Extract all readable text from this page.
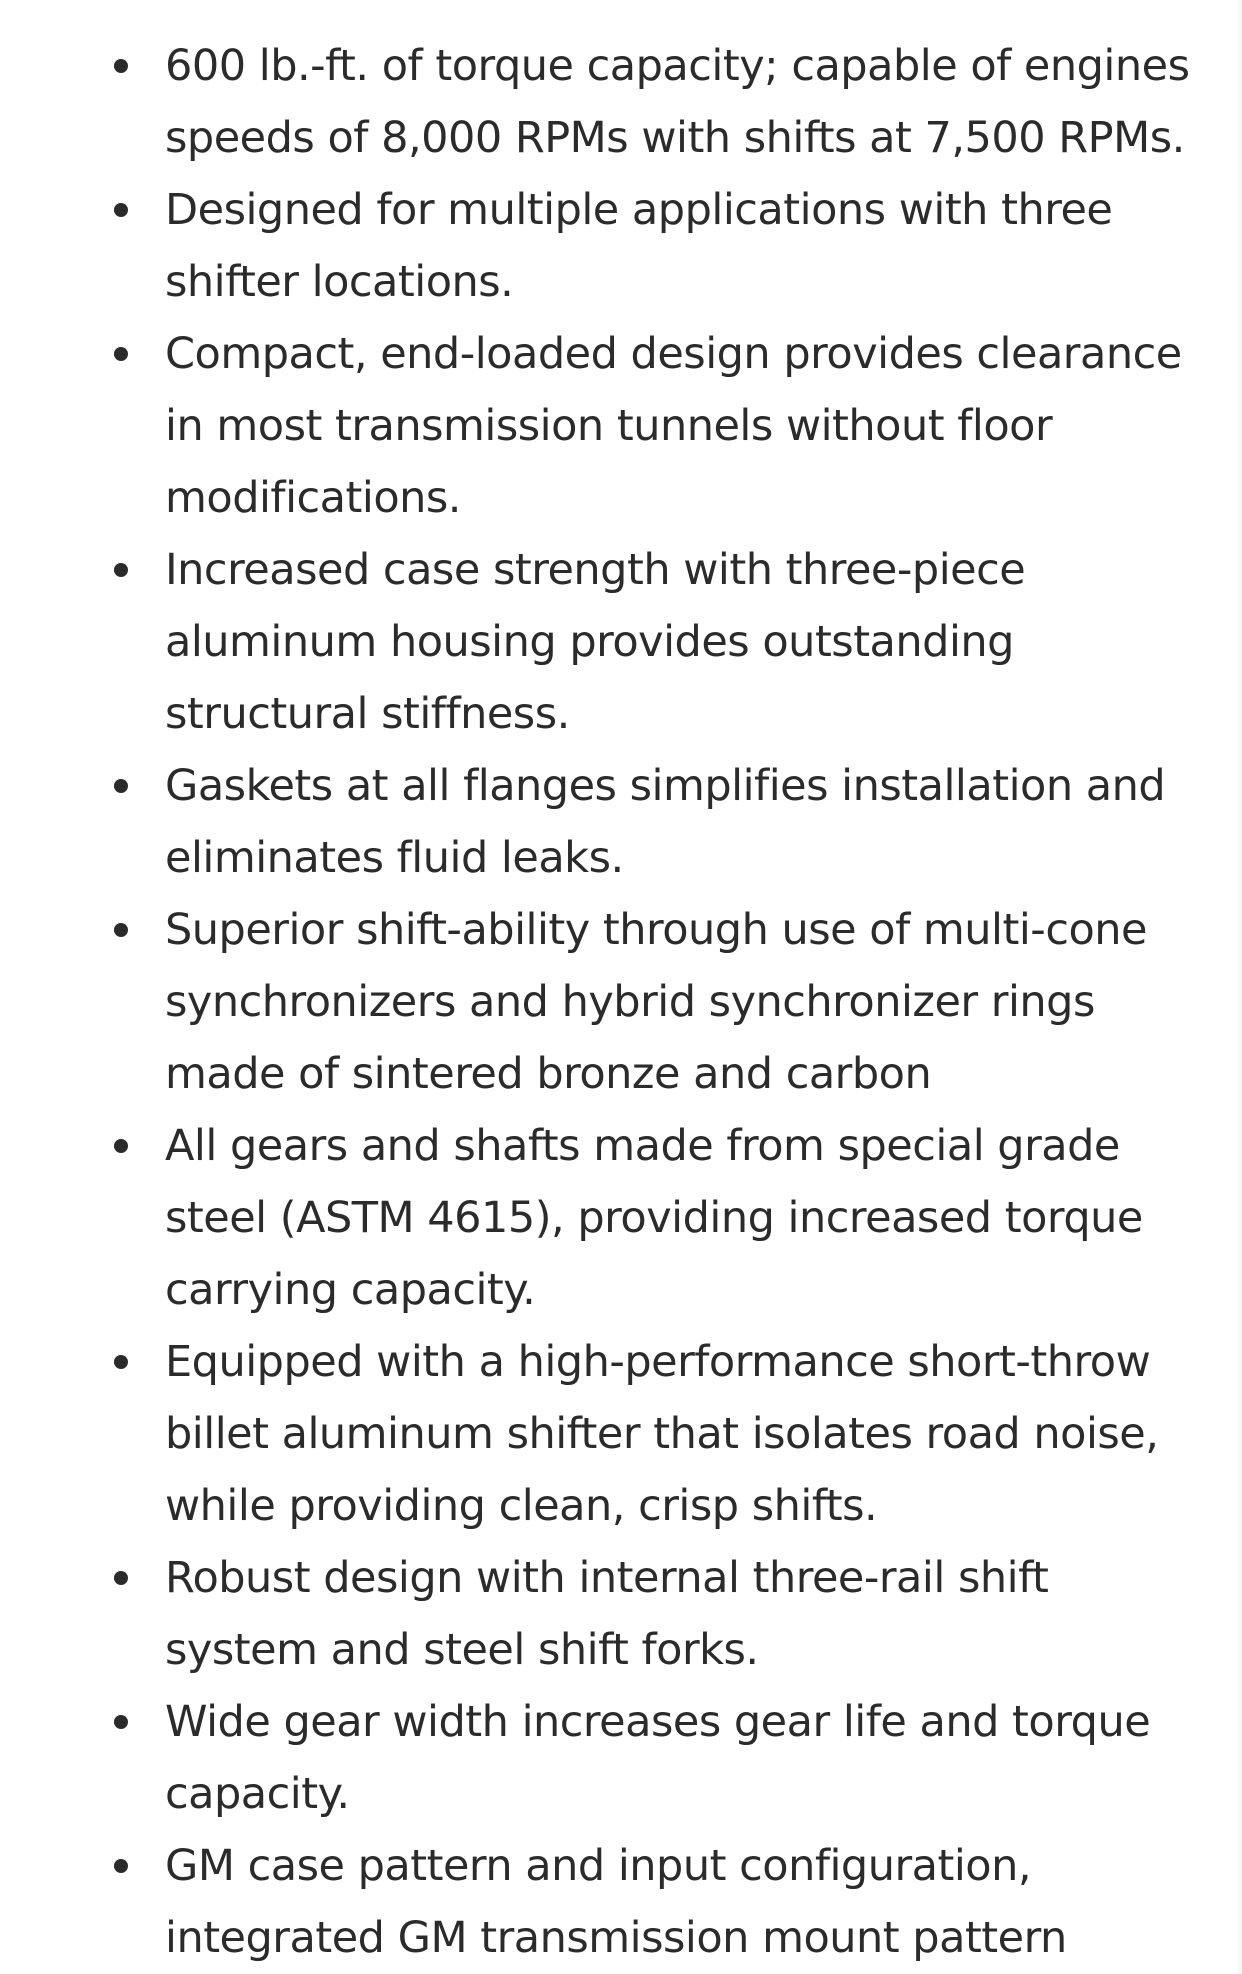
600 lb.-ft. of torque capacity; capable of engines speeds of 8,000 RPMs with shifts at 7,500 RPMs.
Designed for multiple applications with three shifter locations.
Compact, end-loaded design provides clearance in most transmission tunnels without floor modifications.
Increased case strength with three-piece aluminum housing provides outstanding structural stiffness.
Gaskets at all flanges simplifies installation and eliminates fluid leaks.
Superior shift-ability through use of multi-cone synchronizers and hybrid synchronizer rings made of sintered bronze and carbon
All gears and shafts made from special grade steel (ASTM 4615), providing increased torque carrying capacity.
Equipped with a high-performance short-throw billet aluminum shifter that isolates road noise, while providing clean, crisp shifts.
Robust design with internal three-rail shift system and steel shift forks.
Wide gear width increases gear life and torque capacity.
GM case pattern and input configuration, integrated GM transmission mount pattern
